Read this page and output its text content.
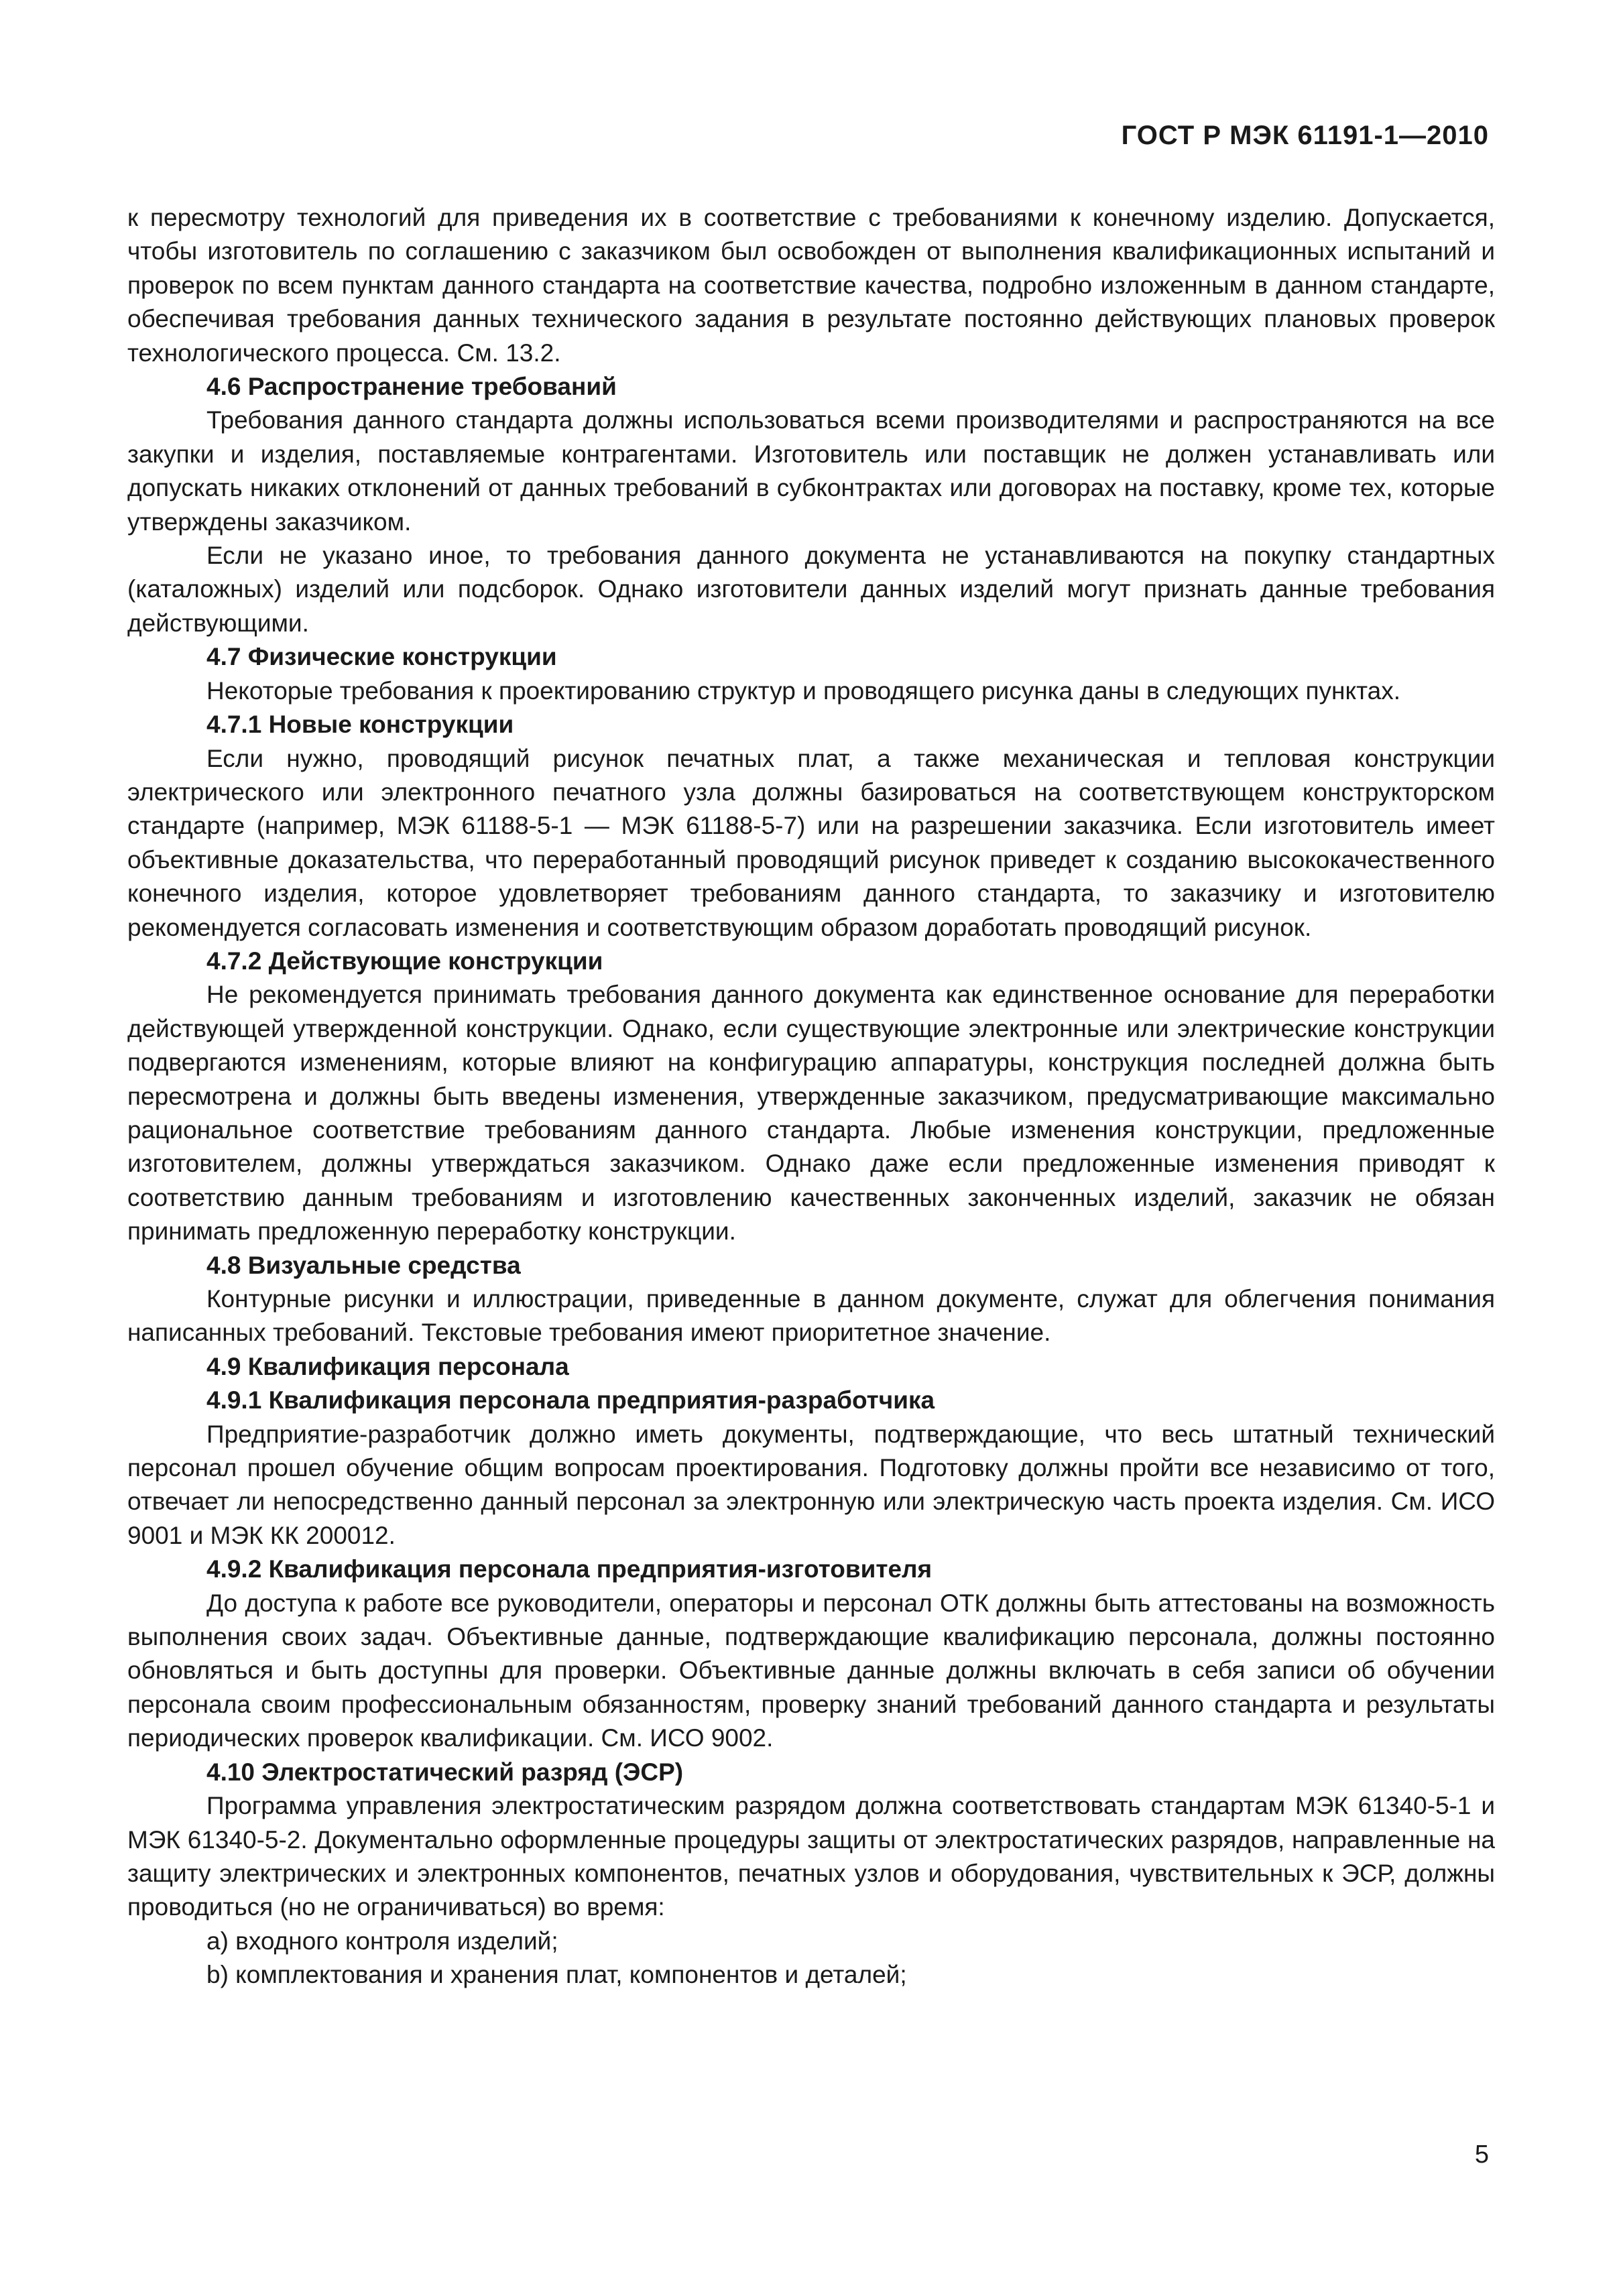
ГОСТ Р МЭК 61191-1—2010

к пересмотру технологий для приведения их в соответствие с требованиями к конечному изделию. Допускается, чтобы изготовитель по соглашению с заказчиком был освобожден от выполнения квалификационных испытаний и проверок по всем пунктам данного стандарта на соответствие качества, подробно изложенным в данном стандарте, обеспечивая требования данных технического задания в результате постоянно действующих плановых проверок технологического процесса. См. 13.2.

4.6 Распространение требований

Требования данного стандарта должны использоваться всеми производителями и распространяются на все закупки и изделия, поставляемые контрагентами. Изготовитель или поставщик не должен устанавливать или допускать никаких отклонений от данных требований в субконтрактах или договорах на поставку, кроме тех, которые утверждены заказчиком.

Если не указано иное, то требования данного документа не устанавливаются на покупку стандартных (каталожных) изделий или подсборок. Однако изготовители данных изделий могут признать данные требования действующими.

4.7 Физические конструкции

Некоторые требования к проектированию структур и проводящего рисунка даны в следующих пунктах.

4.7.1 Новые конструкции

Если нужно, проводящий рисунок печатных плат, а также механическая и тепловая конструкции электрического или электронного печатного узла должны базироваться на соответствующем конструкторском стандарте (например, МЭК 61188-5-1 — МЭК 61188-5-7) или на разрешении заказчика. Если изготовитель имеет объективные доказательства, что переработанный проводящий рисунок приведет к созданию высококачественного конечного изделия, которое удовлетворяет требованиям данного стандарта, то заказчику и изготовителю рекомендуется согласовать изменения и соответствующим образом доработать проводящий рисунок.

4.7.2 Действующие конструкции

Не рекомендуется принимать требования данного документа как единственное основание для переработки действующей утвержденной конструкции. Однако, если существующие электронные или электрические конструкции подвергаются изменениям, которые влияют на конфигурацию аппаратуры, конструкция последней должна быть пересмотрена и должны быть введены изменения, утвержденные заказчиком, предусматривающие максимально рациональное соответствие требованиям данного стандарта. Любые изменения конструкции, предложенные изготовителем, должны утверждаться заказчиком. Однако даже если предложенные изменения приводят к соответствию данным требованиям и изготовлению качественных законченных изделий, заказчик не обязан принимать предложенную переработку конструкции.

4.8 Визуальные средства

Контурные рисунки и иллюстрации, приведенные в данном документе, служат для облегчения понимания написанных требований. Текстовые требования имеют приоритетное значение.

4.9 Квалификация персонала
4.9.1 Квалификация персонала предприятия-разработчика

Предприятие-разработчик должно иметь документы, подтверждающие, что весь штатный технический персонал прошел обучение общим вопросам проектирования. Подготовку должны пройти все независимо от того, отвечает ли непосредственно данный персонал за электронную или электрическую часть проекта изделия. См. ИСО 9001 и МЭК КК 200012.

4.9.2 Квалификация персонала предприятия-изготовителя

До доступа к работе все руководители, операторы и персонал ОТК должны быть аттестованы на возможность выполнения своих задач. Объективные данные, подтверждающие квалификацию персонала, должны постоянно обновляться и быть доступны для проверки. Объективные данные должны включать в себя записи об обучении персонала своим профессиональным обязанностям, проверку знаний требований данного стандарта и результаты периодических проверок квалификации. См. ИСО 9002.

4.10 Электростатический разряд (ЭСР)

Программа управления электростатическим разрядом должна соответствовать стандартам МЭК 61340-5-1 и МЭК 61340-5-2. Документально оформленные процедуры защиты от электростатических разрядов, направленные на защиту электрических и электронных компонентов, печатных узлов и оборудования, чувствительных к ЭСР, должны проводиться (но не ограничиваться) во время:

a) входного контроля изделий;

b) комплектования и хранения плат, компонентов и деталей;

5
